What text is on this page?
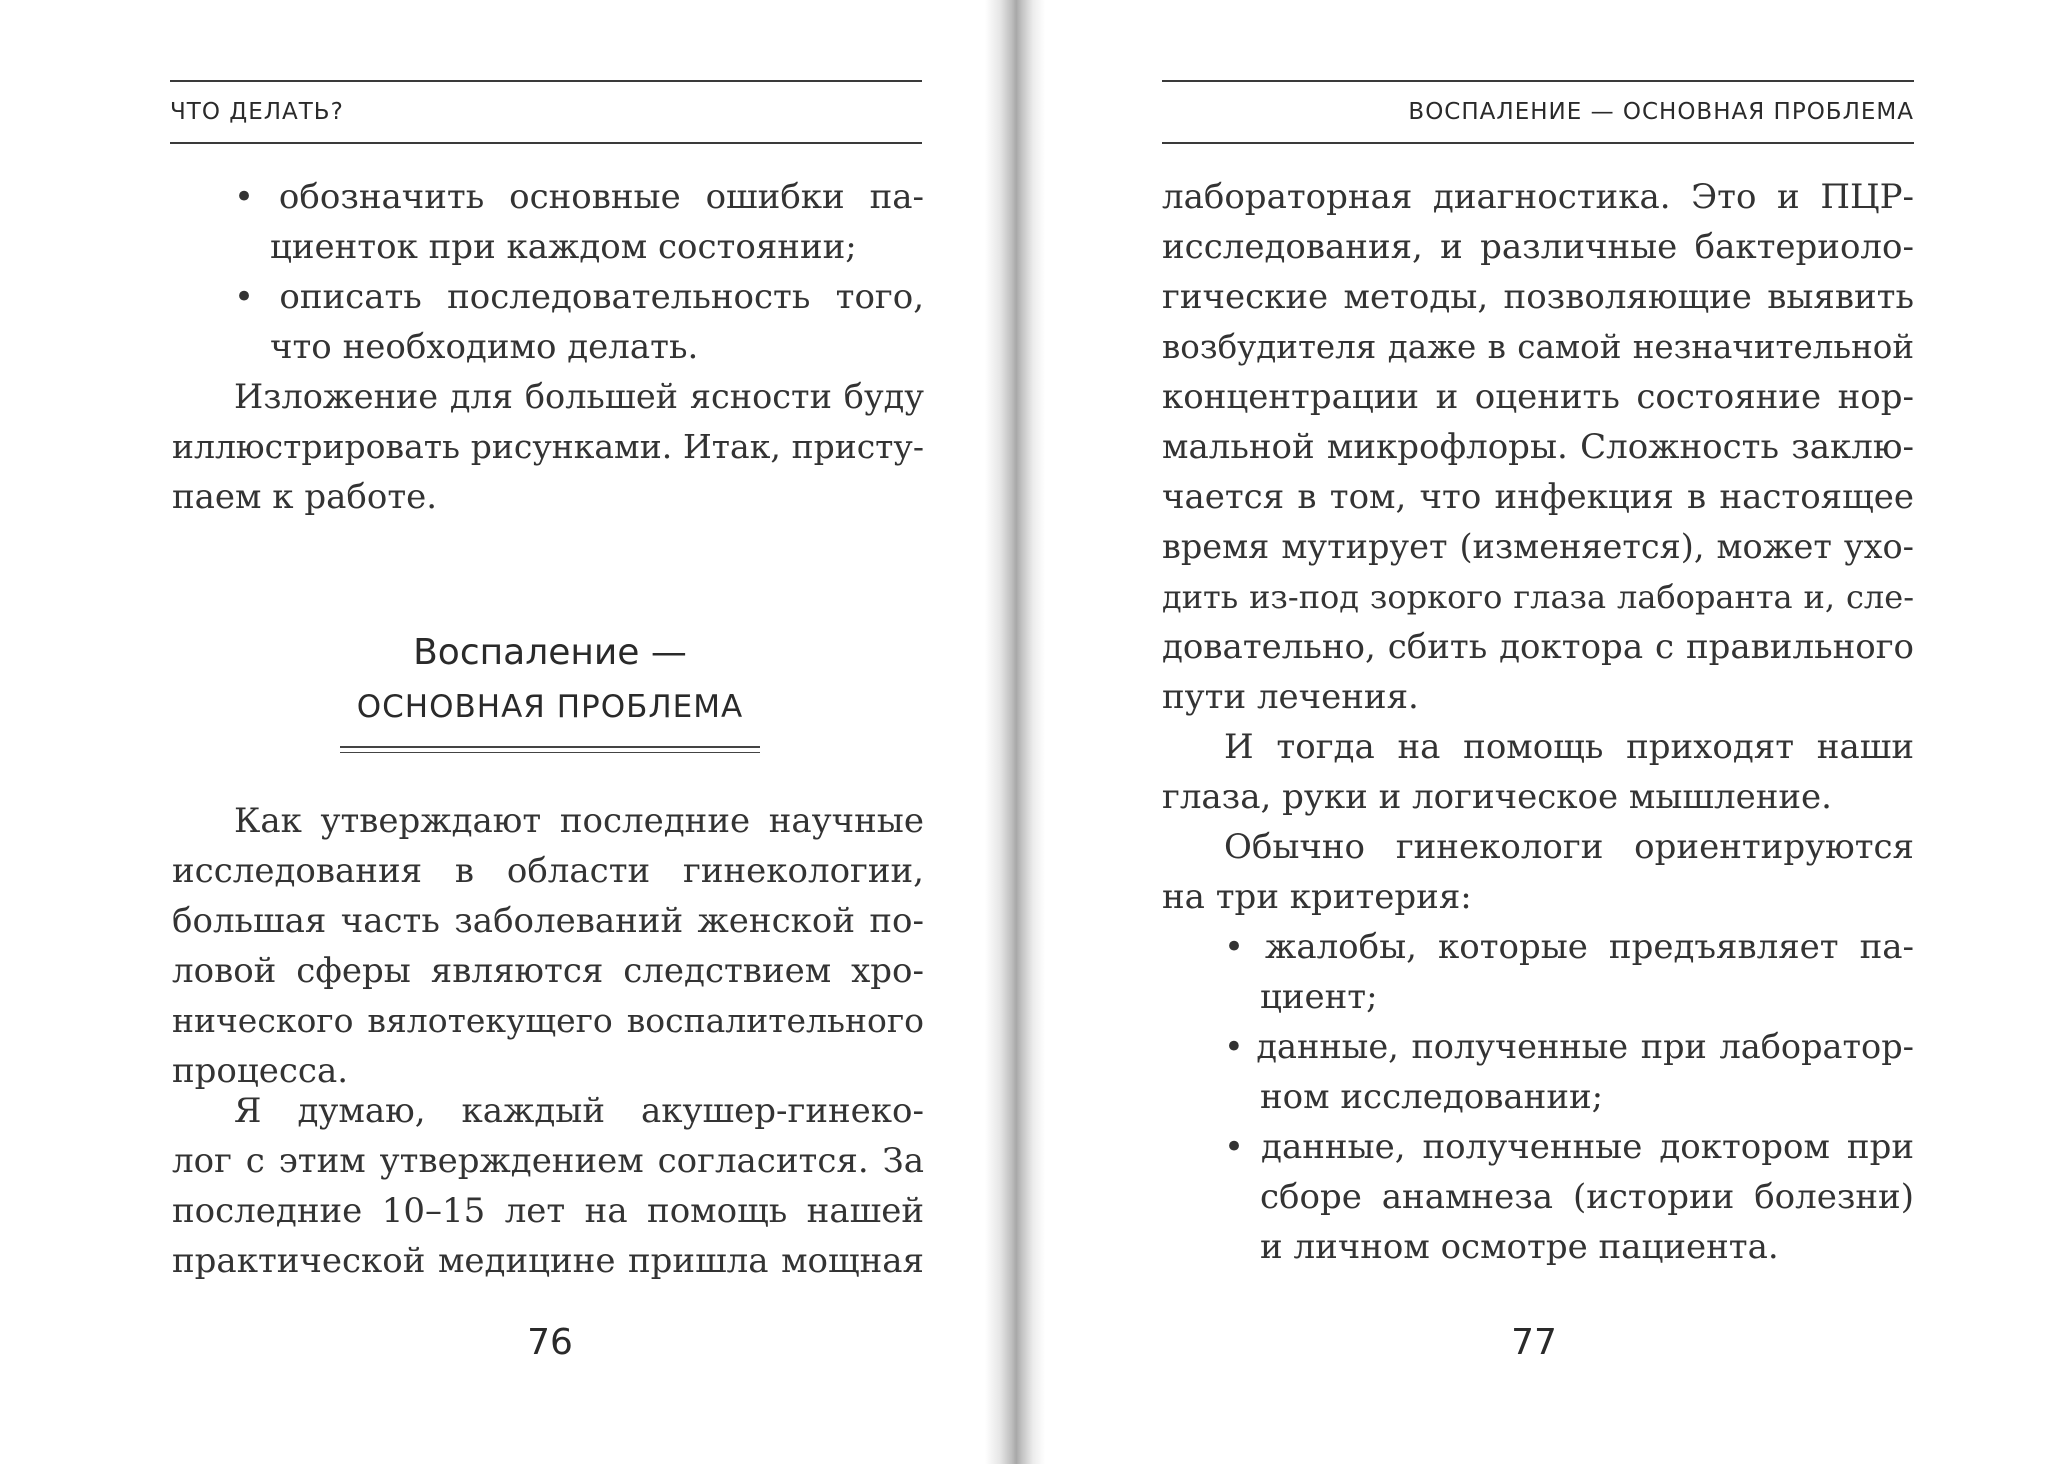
ЧТО ДЕЛАТЬ?
• обозначить основные ошибки па-
циенток при каждом состоянии;
• описать последовательность того,
что необходимо делать.
Изложение для большей ясности буду
иллюстрировать рисунками. Итак, присту-
паем к работе.
Воспаление —
ОСНОВНАЯ ПРОБЛЕМА
Как утверждают последние научные
исследования в области гинекологии,
большая часть заболеваний женской по-
ловой сферы являются следствием хро-
нического вялотекущего воспалительного
процесса.
Я думаю, каждый акушер-гинеко-
лог с этим утверждением согласится. За
последние 10–15 лет на помощь нашей
практической медицине пришла мощная
76
ВОСПАЛЕНИЕ — ОСНОВНАЯ ПРОБЛЕМА
лабораторная диагностика. Это и ПЦР-
исследования, и различные бактериоло-
гические методы, позволяющие выявить
возбудителя даже в самой незначительной
концентрации и оценить состояние нор-
мальной микрофлоры. Сложность заклю-
чается в том, что инфекция в настоящее
время мутирует (изменяется), может ухо-
дить из-под зоркого глаза лаборанта и, сле-
довательно, сбить доктора с правильного
пути лечения.
И тогда на помощь приходят наши
глаза, руки и логическое мышление.
Обычно гинекологи ориентируются
на три критерия:
• жалобы, которые предъявляет па-
циент;
• данные, полученные при лаборатор-
ном исследовании;
• данные, полученные доктором при
сборе анамнеза (истории болезни)
и личном осмотре пациента.
77
